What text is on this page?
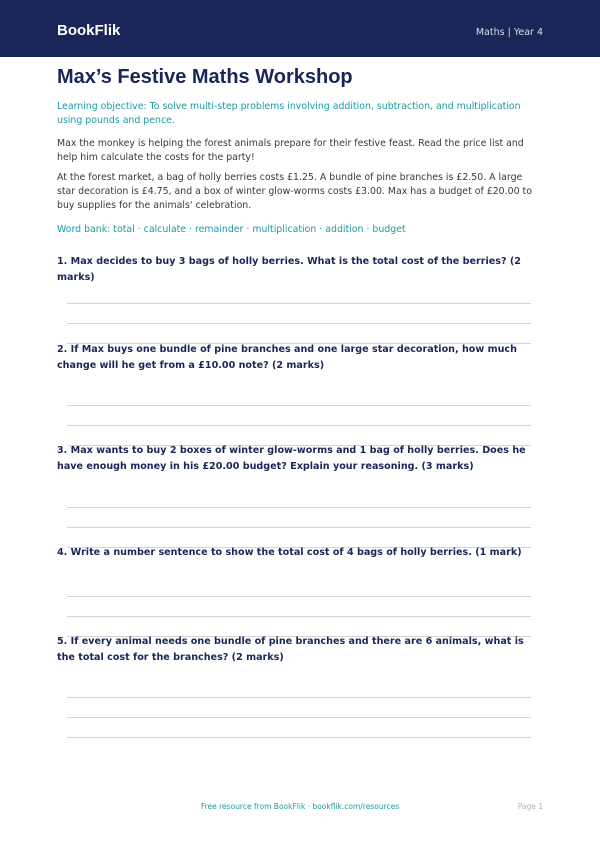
BookFlik	Maths | Year 4
Max’s Festive Maths Workshop

Learning objective: To solve multi-step problems involving addition, subtraction, and multiplication using pounds and pence.

Max the monkey is helping the forest animals prepare for their festive feast. Read the price list and help him calculate the costs for the party!

At the forest market, a bag of holly berries costs £1.25. A bundle of pine branches is £2.50. A large star decoration is £4.75, and a box of winter glow-worms costs £3.00. Max has a budget of £20.00 to buy supplies for the animals' celebration.

Word bank: total · calculate · remainder · multiplication · addition · budget

1. Max decides to buy 3 bags of holly berries. What is the total cost of the berries? (2 marks)

2. If Max buys one bundle of pine branches and one large star decoration, how much change will he get from a £10.00 note? (2 marks)

3. Max wants to buy 2 boxes of winter glow-worms and 1 bag of holly berries. Does he have enough money in his £20.00 budget? Explain your reasoning. (3 marks)

4. Write a number sentence to show the total cost of 4 bags of holly berries. (1 mark)

5. If every animal needs one bundle of pine branches and there are 6 animals, what is the total cost for the branches? (2 marks)

Free resource from BookFlik · bookflik.com/resources	Page 1
